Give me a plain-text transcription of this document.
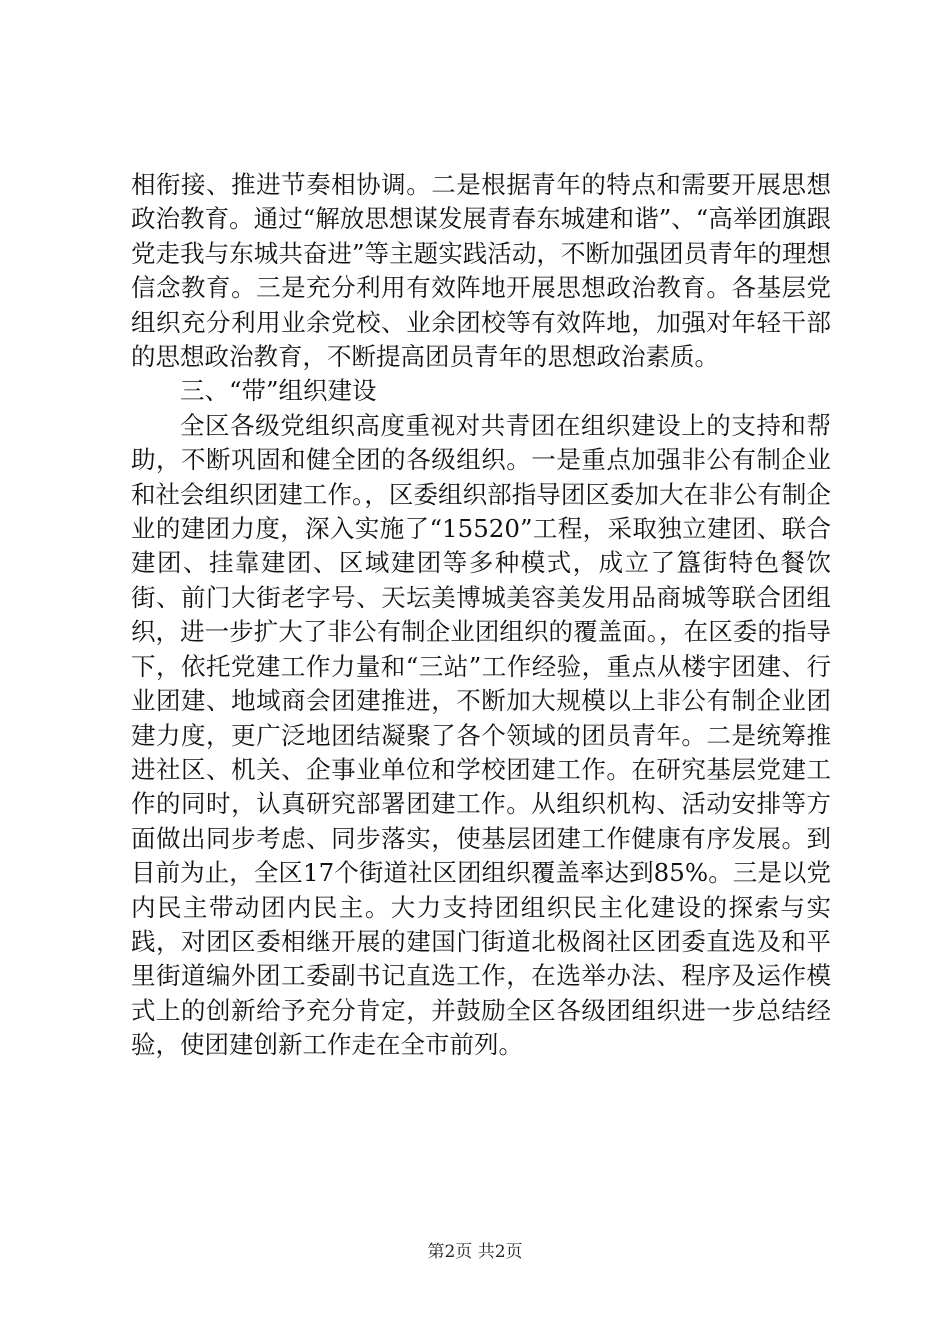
相衔接、推进节奏相协调。二是根据青年的特点和需要开展思想政治教育。通过“解放思想谋发展青春东城建和谐”、“高举团旗跟党走我与东城共奋进”等主题实践活动，不断加强团员青年的理想信念教育。三是充分利用有效阵地开展思想政治教育。各基层党组织充分利用业余党校、业余团校等有效阵地，加强对年轻干部的思想政治教育，不断提高团员青年的思想政治素质。

三、“带”组织建设

全区各级党组织高度重视对共青团在组织建设上的支持和帮助，不断巩固和健全团的各级组织。一是重点加强非公有制企业和社会组织团建工作。，区委组织部指导团区委加大在非公有制企业的建团力度，深入实施了“15520”工程，采取独立建团、联合建团、挂靠建团、区域建团等多种模式，成立了簋街特色餐饮街、前门大街老字号、天坛美博城美容美发用品商城等联合团组织，进一步扩大了非公有制企业团组织的覆盖面。，在区委的指导下，依托党建工作力量和“三站”工作经验，重点从楼宇团建、行业团建、地域商会团建推进，不断加大规模以上非公有制企业团建力度，更广泛地团结凝聚了各个领域的团员青年。二是统筹推进社区、机关、企事业单位和学校团建工作。在研究基层党建工作的同时，认真研究部署团建工作。从组织机构、活动安排等方面做出同步考虑、同步落实，使基层团建工作健康有序发展。到目前为止，全区17个街道社区团组织覆盖率达到85%。三是以党内民主带动团内民主。大力支持团组织民主化建设的探索与实践，对团区委相继开展的建国门街道北极阁社区团委直选及和平里街道编外团工委副书记直选工作，在选举办法、程序及运作模式上的创新给予充分肯定，并鼓励全区各级团组织进一步总结经验，使团建创新工作走在全市前列。

第2页 共2页
